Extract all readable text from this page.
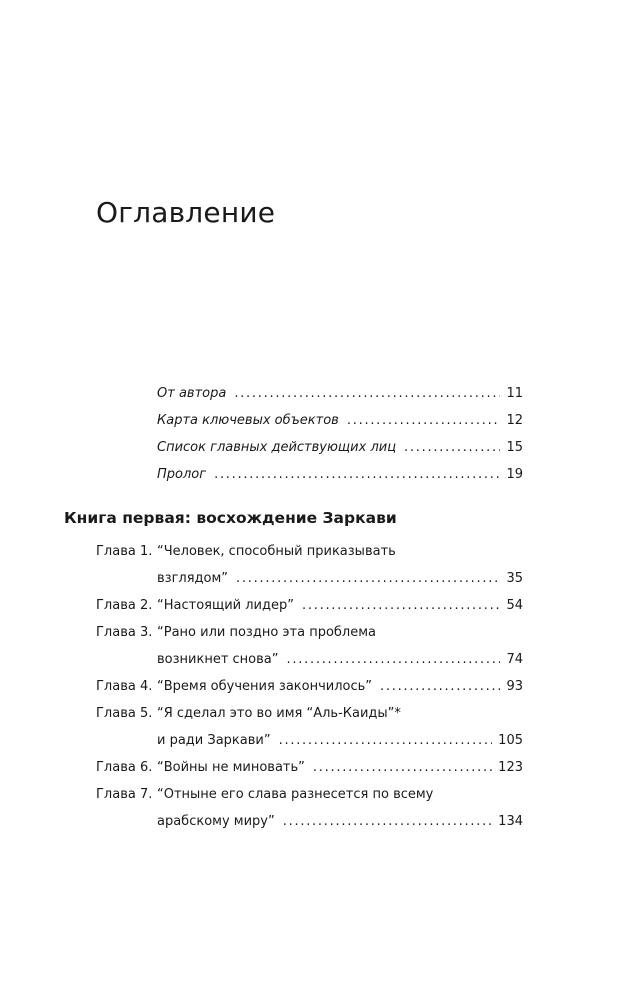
Оглавление
От автора . . .	11
Карта ключевых объектов . . .	12
Список главных действующих лиц . . .	15
Пролог . . .	19
Книга первая: восхождение Заркави
Глава 1. “Человек, способный приказывать
взглядом” . . .	35
Глава 2. “Настоящий лидер” . . .	54
Глава 3. “Рано или поздно эта проблема
возникнет снова” . . .	74
Глава 4. “Время обучения закончилось” . . .	93
Глава 5. “Я сделал это во имя “Аль-Каиды”*
и ради Заркави” . . .	105
Глава 6. “Войны не миновать” . . .	123
Глава 7. “Отныне его слава разнесется по всему
арабскому миру” . . .	134
